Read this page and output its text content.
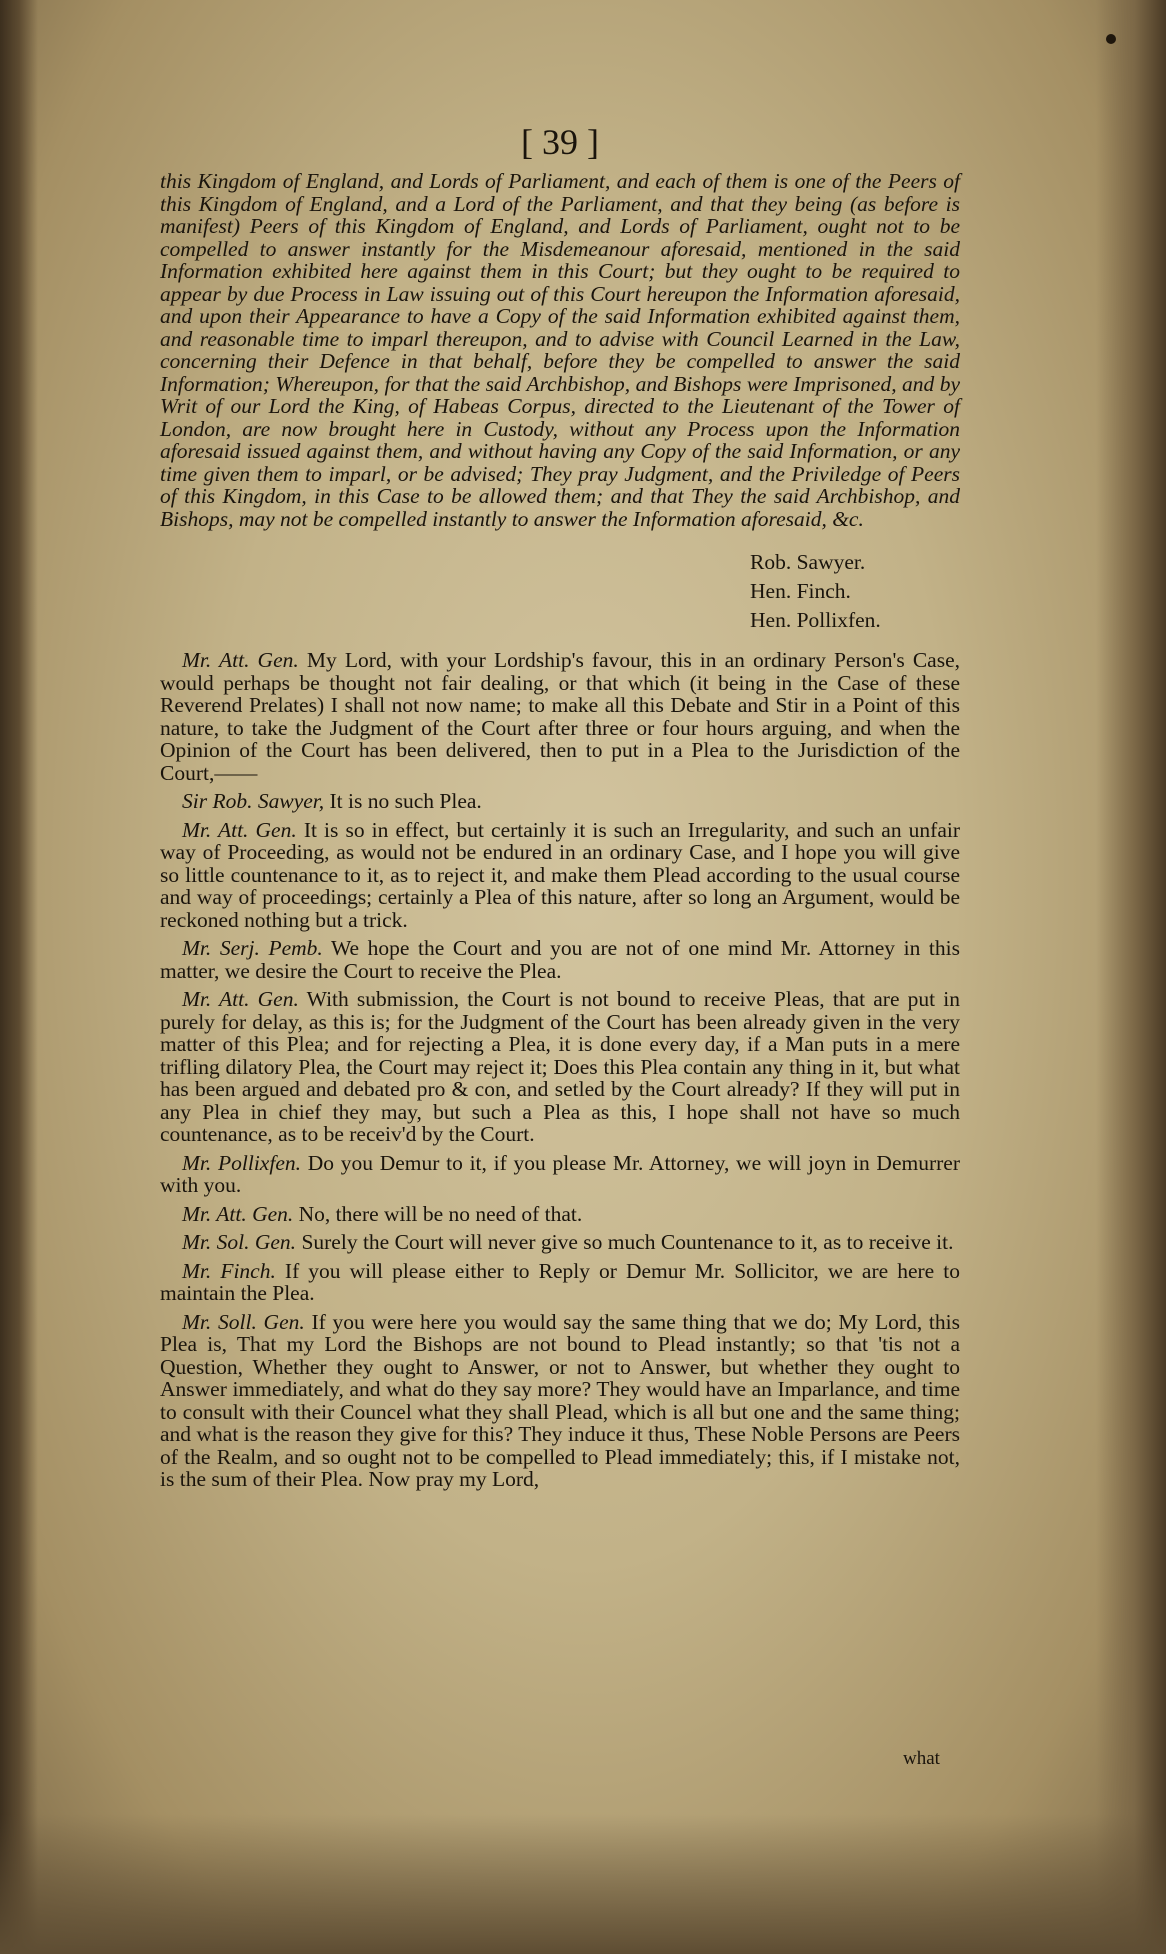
[ 39 ]

this Kingdom of England, and Lords of Parliament, and each of them is one of the Peers of this Kingdom of England, and a Lord of the Parliament, and that they being (as before is manifest) Peers of this Kingdom of England, and Lords of Parliament, ought not to be compelled to answer instantly for the Misdemeanour aforesaid, mentioned in the said Information exhibited here against them in this Court; but they ought to be required to appear by due Process in Law issuing out of this Court hereupon the Information aforesaid, and upon their Appearance to have a Copy of the said Information exhibited against them, and reasonable time to imparl thereupon, and to advise with Council Learned in the Law, concerning their Defence in that behalf, before they be compelled to answer the said Information; Whereupon, for that the said Archbishop, and Bishops were Imprisoned, and by Writ of our Lord the King, of Habeas Corpus, directed to the Lieutenant of the Tower of London, are now brought here in Custody, without any Process upon the Information aforesaid issued against them, and without having any Copy of the said Information, or any time given them to imparl, or be advised; They pray Judgment, and the Priviledge of Peers of this Kingdom, in this Case to be allowed them; and that They the said Archbishop, and Bishops, may not be compelled instantly to answer the Information aforesaid, &c.

Rob. Sawyer.
Hen. Finch.
Hen. Pollixfen.

Mr. Att. Gen. My Lord, with your Lordship's favour, this in an ordinary Person's Case, would perhaps be thought not fair dealing, or that which (it being in the Case of these Reverend Prelates) I shall not now name; to make all this Debate and Stir in a Point of this nature, to take the Judgment of the Court after three or four hours arguing, and when the Opinion of the Court has been delivered, then to put in a Plea to the Jurisdiction of the Court,——

Sir Rob. Sawyer, It is no such Plea.

Mr. Att. Gen. It is so in effect, but certainly it is such an Irregularity, and such an unfair way of Proceeding, as would not be endured in an ordinary Case, and I hope you will give so little countenance to it, as to reject it, and make them Plead according to the usual course and way of proceedings; certainly a Plea of this nature, after so long an Argument, would be reckoned nothing but a trick.

Mr. Serj. Pemb. We hope the Court and you are not of one mind Mr. Attorney in this matter, we desire the Court to receive the Plea.

Mr. Att. Gen. With submission, the Court is not bound to receive Pleas, that are put in purely for delay, as this is; for the Judgment of the Court has been already given in the very matter of this Plea; and for rejecting a Plea, it is done every day, if a Man puts in a mere trifling dilatory Plea, the Court may reject it; Does this Plea contain any thing in it, but what has been argued and debated pro & con, and setled by the Court already? If they will put in any Plea in chief they may, but such a Plea as this, I hope shall not have so much countenance, as to be receiv'd by the Court.

Mr. Pollixfen. Do you Demur to it, if you please Mr. Attorney, we will joyn in Demurrer with you.

Mr. Att. Gen. No, there will be no need of that.

Mr. Sol. Gen. Surely the Court will never give so much Countenance to it, as to receive it.

Mr. Finch. If you will please either to Reply or Demur Mr. Sollicitor, we are here to maintain the Plea.

Mr. Soll. Gen. If you were here you would say the same thing that we do; My Lord, this Plea is, That my Lord the Bishops are not bound to Plead instantly; so that 'tis not a Question, Whether they ought to Answer, or not to Answer, but whether they ought to Answer immediately, and what do they say more? They would have an Imparlance, and time to consult with their Councel what they shall Plead, which is all but one and the same thing; and what is the reason they give for this? They induce it thus, These Noble Persons are Peers of the Realm, and so ought not to be compelled to Plead immediately; this, if I mistake not, is the sum of their Plea. Now pray my Lord,

what
